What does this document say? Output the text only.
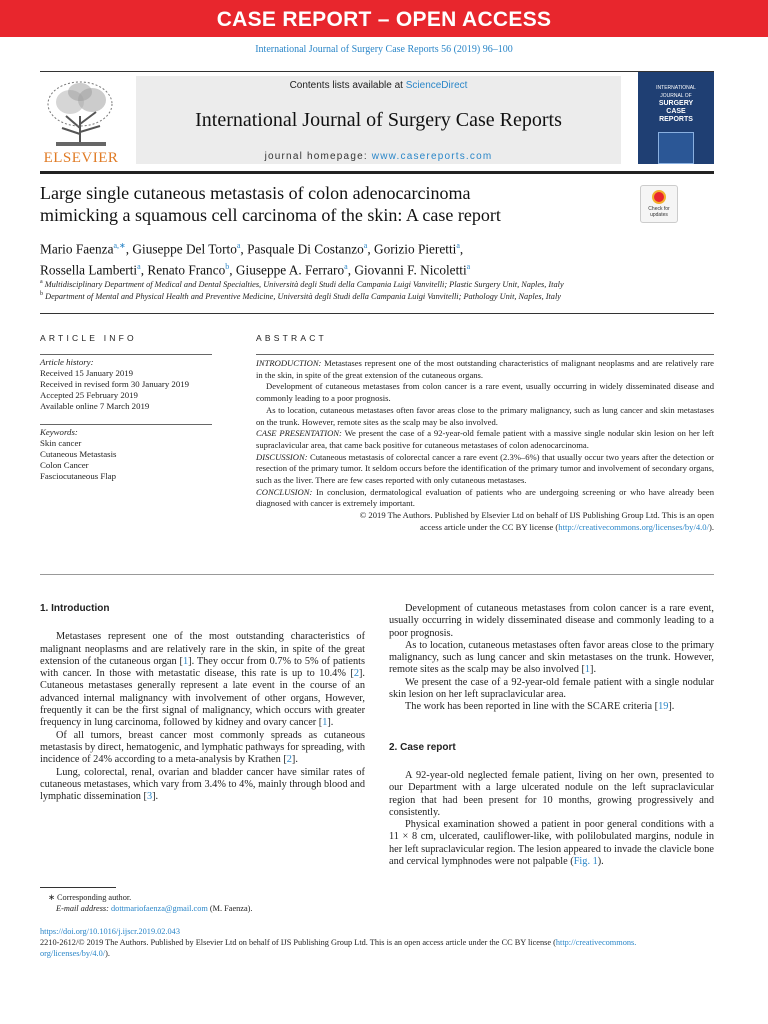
CASE REPORT – OPEN ACCESS
International Journal of Surgery Case Reports 56 (2019) 96–100
ELSEVIER
Contents lists available at ScienceDirect
International Journal of Surgery Case Reports
journal homepage: www.casereports.com
INTERNATIONAL
JOURNAL OF
SURGERY
CASE
REPORTS
Large single cutaneous metastasis of colon adenocarcinoma
mimicking a squamous cell carcinoma of the skin: A case report	Check for updates
Mario Faenza$^{a,∗}$, Giuseppe Del Torto$^a$, Pasquale Di Costanzo$^a$, Gorizio Pieretti$^a$,
Rossella Lamberti$^a$, Renato Franco$^b$, Giuseppe A. Ferraro$^a$, Giovanni F. Nicoletti$^a$
$^a$ Multidisciplinary Department of Medical and Dental Specialties, Università degli Studi della Campania Luigi Vanvitelli; Plastic Surgery Unit, Naples, Italy
$^b$ Department of Mental and Physical Health and Preventive Medicine, Università degli Studi della Campania Luigi Vanvitelli; Pathology Unit, Naples, Italy
ARTICLE INFO	ABSTRACT
Article history:
Received 15 January 2019
Received in revised form 30 January 2019
Accepted 25 February 2019
Available online 7 March 2019
Keywords:
Skin cancer
Cutaneous Metastasis
Colon Cancer
Fasciocutaneous Flap

INTRODUCTION: Metastases represent one of the most outstanding characteristics of malignant neoplasms and are relatively rare in the skin, in spite of the great extension of the cutaneous organs.

Development of cutaneous metastases from colon cancer is a rare event, usually occurring in widely disseminated disease and commonly leading to a poor prognosis.

As to location, cutaneous metastases often favor areas close to the primary malignancy, such as lung cancer and skin metastases on the trunk. However, remote sites as the scalp may be also involved.

CASE PRESENTATION: We present the case of a 92-year-old female patient with a massive single nodular skin lesion on her left supraclavicular area, that came back positive for cutaneous metastases of colon adenocarcinoma.

DISCUSSION: Cutaneous metastasis of colorectal cancer a rare event (2.3%–6%) that usually occur two years after the detection or resection of the primary tumor. It seldom occurs before the identification of the primary tumor and involvement of secondary organs, such as the liver. There are few cases reported with only cutaneous metastases.

CONCLUSION: In conclusion, dermatological evaluation of patients who are undergoing screening or who have already been diagnosed with cancer is extremely important.

© 2019 The Authors. Published by Elsevier Ltd on behalf of IJS Publishing Group Ltd. This is an open

access article under the CC BY license (http://creativecommons.org/licenses/by/4.0/).

1. Introduction

Metastases represent one of the most outstanding characteristics of malignant neoplasms and are relatively rare in the skin, in spite of the great extension of the cutaneous organ [1]. They occur from 0.7% to 5% of patients with cancer. In those with metastatic disease, this rate is up to 10.4% [2]. Cutaneous metastases generally represent a late event in the course of an advanced internal malignancy with involvement of other organs, However, frequently it can be the first signal of malignancy, which occurs with greater frequency in lung carcinoma, followed by kidney and ovary cancer [1].

Of all tumors, breast cancer most commonly spreads as cutaneous metastasis by direct, hematogenic, and lymphatic pathways for spreading, with incidence of 24% according to a meta-analysis by Krathen [2].

Lung, colorectal, renal, ovarian and bladder cancer have similar rates of cutaneous metastases, which vary from 3.4% to 4%, mainly through blood and lymphatic dissemination [3].

Development of cutaneous metastases from colon cancer is a rare event, usually occurring in widely disseminated disease and commonly leading to a poor prognosis.

As to location, cutaneous metastases often favor areas close to the primary malignancy, such as lung cancer and skin metastases on the trunk. However, remote sites as the scalp may be also involved [1].

We present the case of a 92-year-old female patient with a single nodular skin lesion on her left supraclavicular area.

The work has been reported in line with the SCARE criteria [19].

2. Case report

A 92-year-old neglected female patient, living on her own, presented to our Department with a large ulcerated nodule on the left supraclavicular region that had been present for 10 months, growing progressively and consistently.

Physical examination showed a patient in poor general conditions with a 11 × 8 cm, ulcerated, cauliflower-like, with polilobulated margins, nodule in her left supraclavicular region. The lesion appeared to invade the clavicle bone and cervical lymphnodes were not palpable (Fig. 1).

∗ Corresponding author.
E-mail address: dottmariofaenza@gmail.com (M. Faenza).
https://doi.org/10.1016/j.ijscr.2019.02.043
2210-2612/© 2019 The Authors. Published by Elsevier Ltd on behalf of IJS Publishing Group Ltd. This is an open access article under the CC BY license (http://creativecommons.
org/licenses/by/4.0/).
